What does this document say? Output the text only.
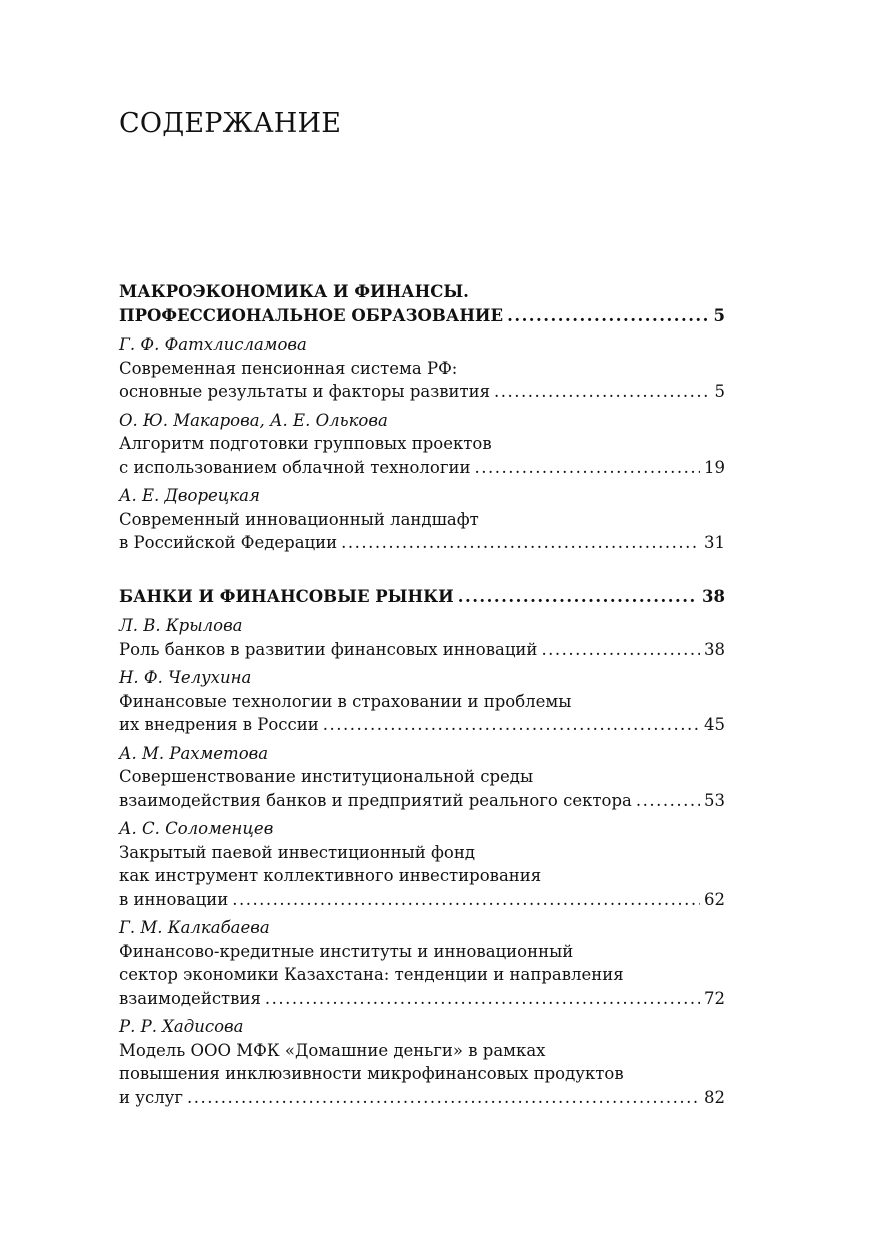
СОДЕРЖАНИЕ
МАКРОЭКОНОМИКА И ФИНАНСЫ.
ПРОФЕССИОНАЛЬНОЕ ОБРАЗОВАНИЕ .....	5
Г. Ф. Фатхлисламова
Современная пенсионная система РФ:
основные результаты и факторы развития .....	5
О. Ю. Макарова, А. Е. Олькова
Алгоритм подготовки групповых проектов
с использованием облачной технологии .....	19
А. Е. Дворецкая
Современный инновационный ландшафт
в Российской Федерации .....	31
БАНКИ И ФИНАНСОВЫЕ РЫНКИ .....	38
Л. В. Крылова
Роль банков в развитии финансовых инноваций .....	38
Н. Ф. Челухина
Финансовые технологии в страховании и проблемы
их внедрения в России .....	45
А. М. Рахметова
Совершенствование институциональной среды
взаимодействия банков и предприятий реального сектора .....	53
А. С. Соломенцев
Закрытый паевой инвестиционный фонд
как инструмент коллективного инвестирования
в инновации .....	62
Г. М. Калкабаева
Финансово-кредитные институты и инновационный
сектор экономики Казахстана: тенденции и направления
взаимодействия .....	72
Р. Р. Хадисова
Модель ООО МФК «Домашние деньги» в рамках
повышения инклюзивности микрофинансовых продуктов
и услуг .....	82
